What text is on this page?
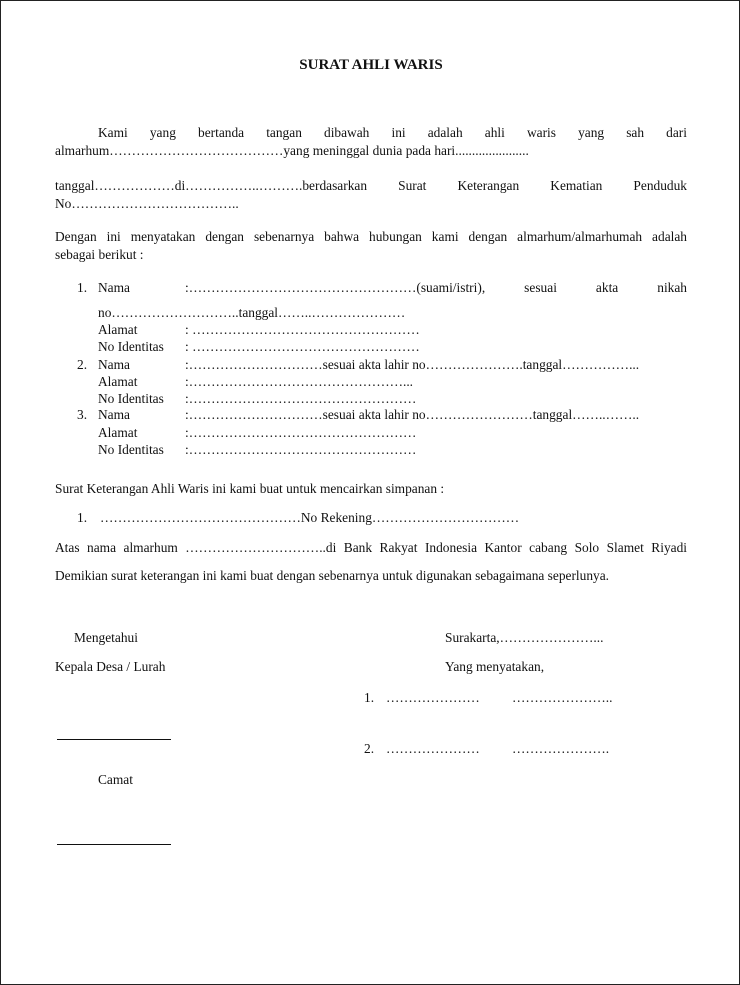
SURAT AHLI WARIS
Kami yang bertanda tangan dibawah ini adalah ahli waris yang sah dari
almarhum…………………………………yang meninggal dunia pada hari......................
tanggal………………di……………..……….berdasarkan Surat Keterangan Kematian Penduduk
No………………………………..
Dengan ini menyatakan dengan sebenarnya bahwa hubungan kami dengan almarhum/almarhumah adalah
sebagai berikut :
1. Nama	:……………………………………………(suami/istri), sesuai akta nikah
no………………………..tanggal……..…………………
Alamat	: ……………………………………………
No Identitas : ……………………………………………
2. Nama	:…………………………sesuai akta lahir no………………….tanggal……………...
Alamat	:…………………………………………...
No Identitas :……………………………………………
3. Nama	:…………………………sesuai akta lahir no……………………tanggal……..……..
Alamat	:……………………………………………
No Identitas :……………………………………………
Surat Keterangan Ahli Waris ini kami buat untuk mencairkan simpanan :
1. ………………………………………No Rekening……………………………
Atas nama almarhum …………………………..di Bank Rakyat Indonesia Kantor cabang Solo Slamet Riyadi
Demikian surat keterangan ini kami buat dengan sebenarnya untuk digunakan sebagaimana seperlunya.
Mengetahui
Kepala Desa / Lurah
Camat
Surakarta,…………………...
Yang menyatakan,
1. ………………… …………………..
2. ………………… ………………….
